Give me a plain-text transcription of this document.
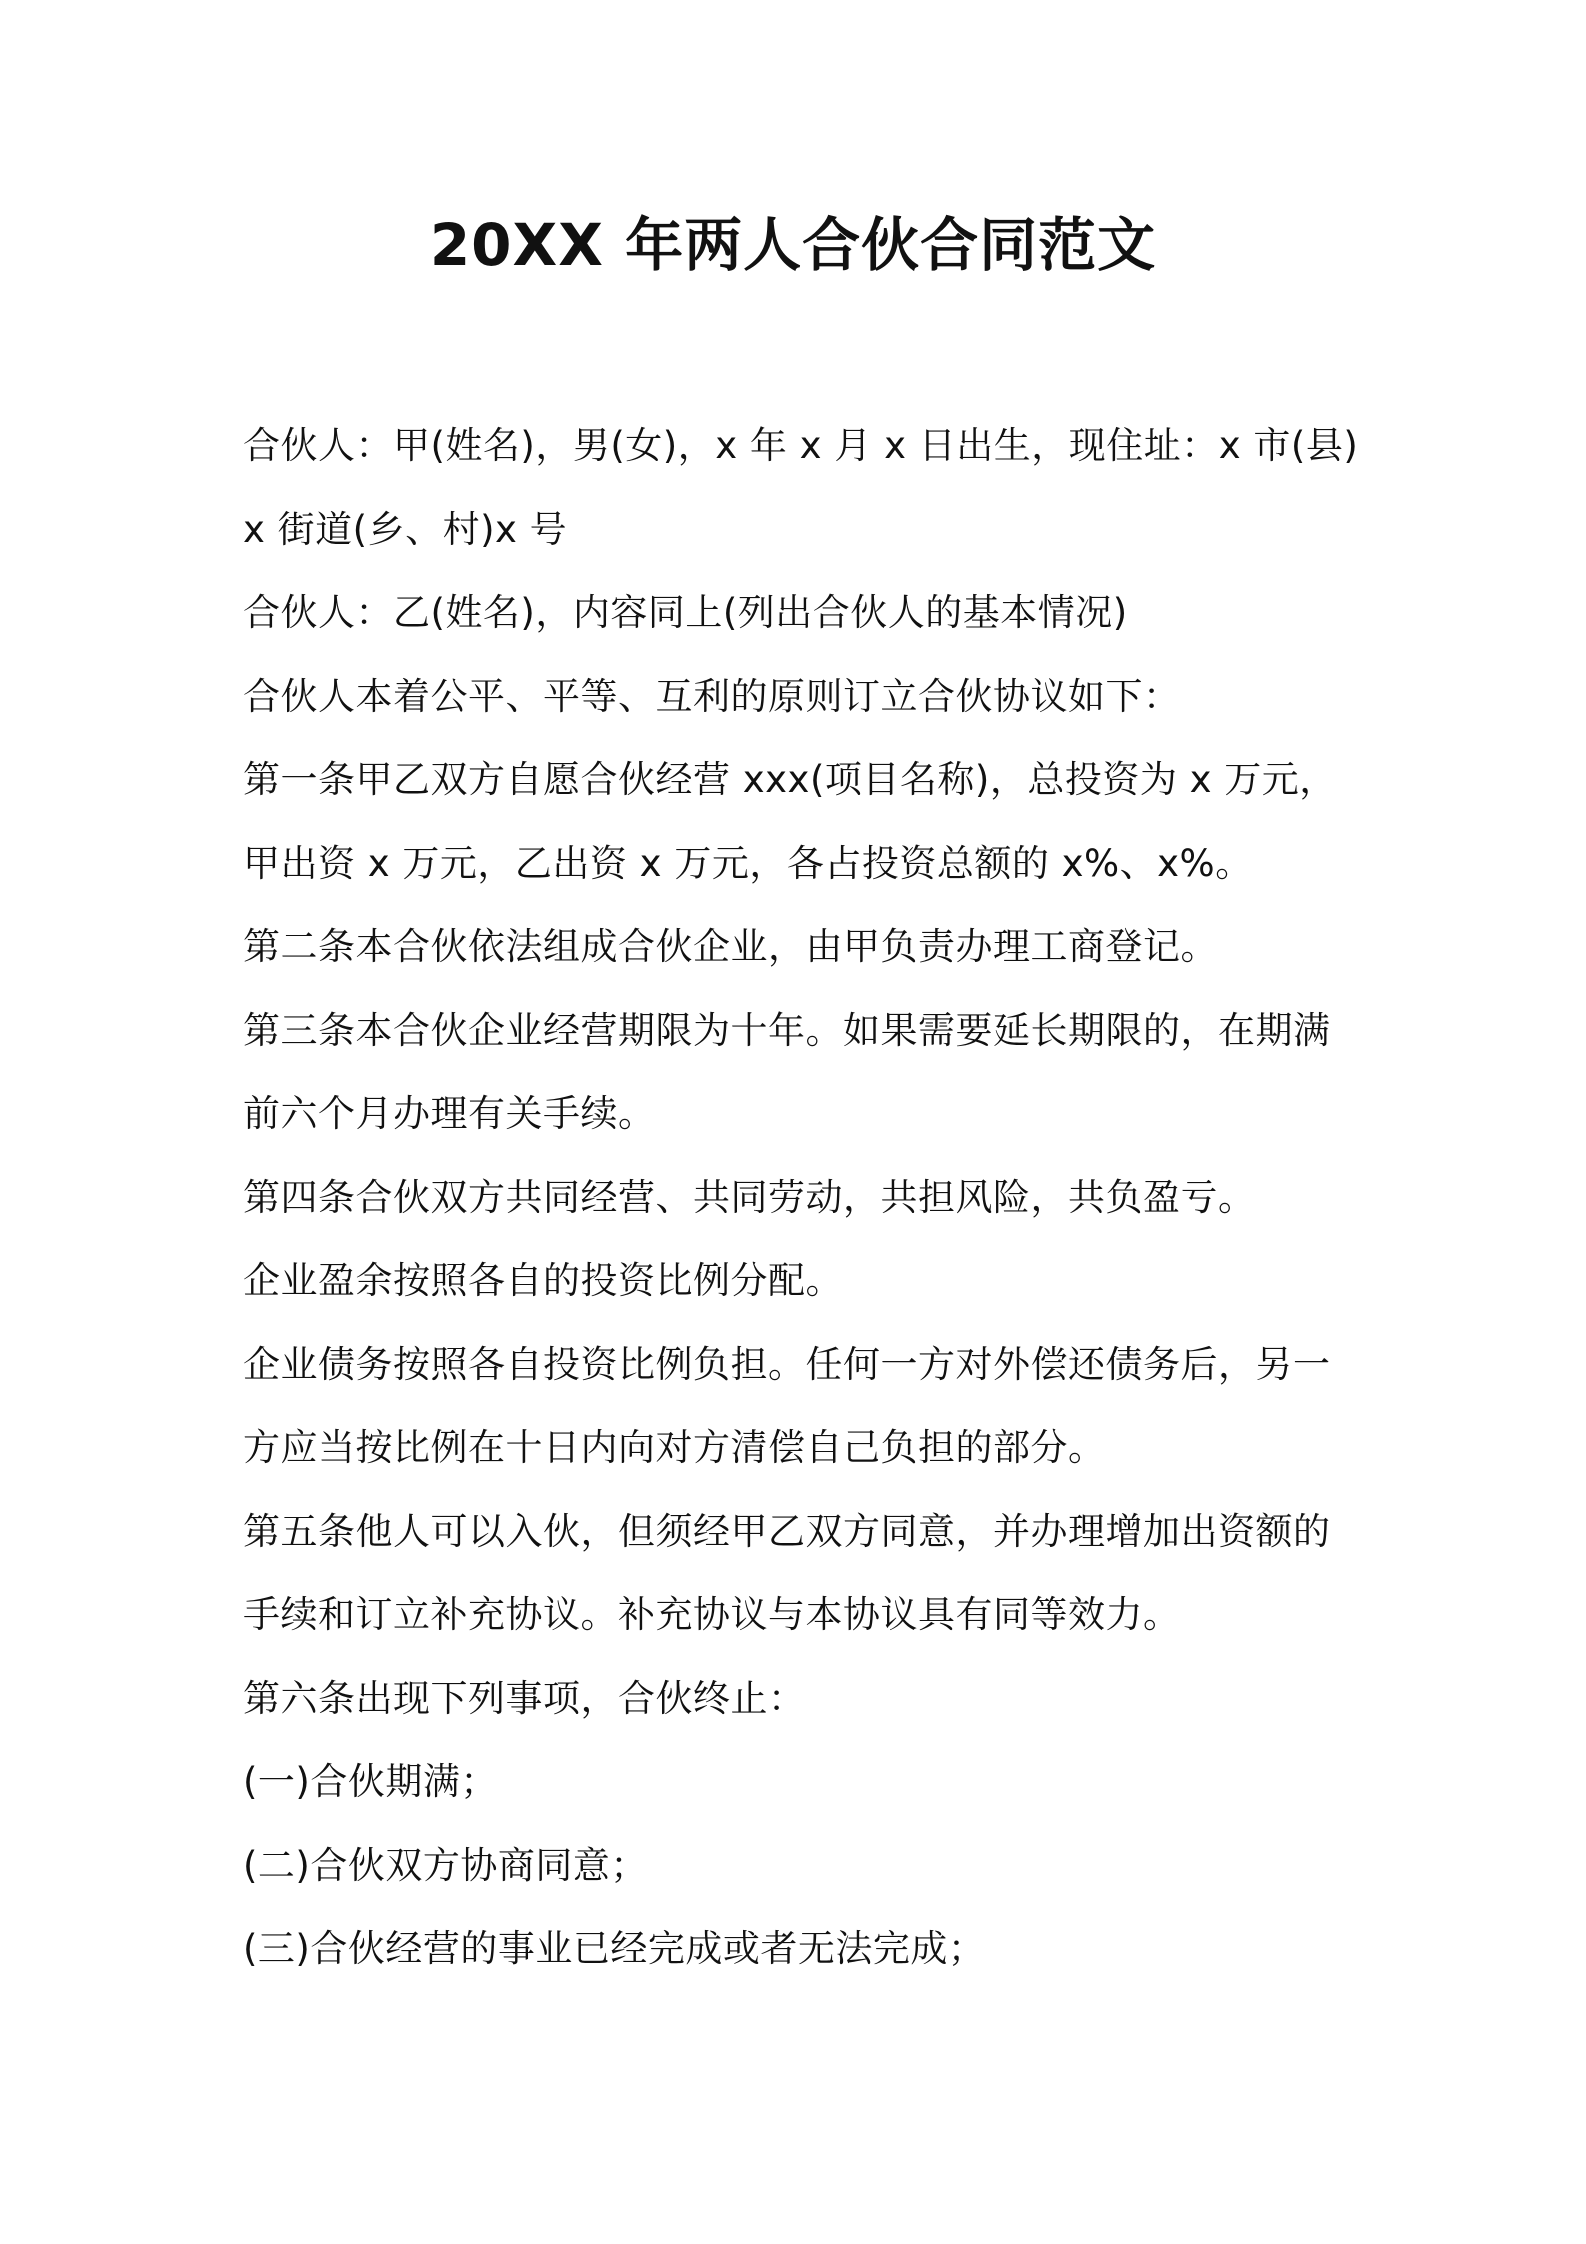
20XX 年两人合伙合同范文

合伙人：甲(姓名)，男(女)，x 年 x 月 x 日出生，现住址：x 市(县)x 街道(乡、村)x 号

合伙人：乙(姓名)，内容同上(列出合伙人的基本情况)

合伙人本着公平、平等、互利的原则订立合伙协议如下：

第一条甲乙双方自愿合伙经营 xxx(项目名称)，总投资为 x 万元，甲出资 x 万元，乙出资 x 万元，各占投资总额的 x%、x%。

第二条本合伙依法组成合伙企业，由甲负责办理工商登记。

第三条本合伙企业经营期限为十年。如果需要延长期限的，在期满前六个月办理有关手续。

第四条合伙双方共同经营、共同劳动，共担风险，共负盈亏。

企业盈余按照各自的投资比例分配。

企业债务按照各自投资比例负担。任何一方对外偿还债务后，另一方应当按比例在十日内向对方清偿自己负担的部分。

第五条他人可以入伙，但须经甲乙双方同意，并办理增加出资额的手续和订立补充协议。补充协议与本协议具有同等效力。

第六条出现下列事项，合伙终止：

(一)合伙期满；

(二)合伙双方协商同意；

(三)合伙经营的事业已经完成或者无法完成；
